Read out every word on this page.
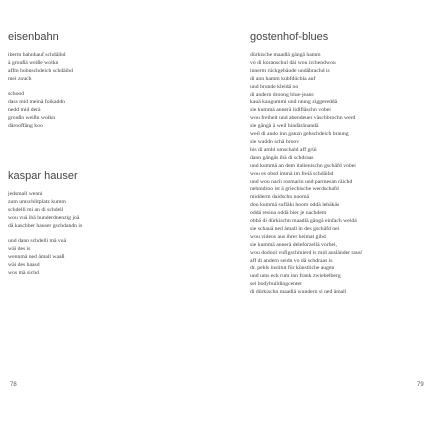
eisenbahn
iberm bahnhauf schdäihd
ä groußä weiße wolkn
affm bohnschdeich schdäihd
mei zouch
schood
dass mid meinä foikaddn
nedd mid derä
groußn weißn wolkn
därooffäng koo
kaspar hauser
jedsmall wenni
zum umschlitplatz kumm
schdelli mi an di schdell
wou vuä ibä hunderdnenzig joä
dä kaschber hauser gschdandn is
und dann schdelli mä vuä
wäi des is
wennmä ned ämall waaß
wäi des haasd
wos mä sichd
78
gostenhof-blues
dürkische maadlä gängä hamm
vo di koranschul däi wou irchendwou
innerm rückgebäude undäbrachd is
di ann hamm kubfdüchla auf
und brunde kleidä oo
di andern droong blue-jeans
kauä kaugummi und raung ziggereddä
sie kummä annerä lidlfläschn vobei
wou freiheit und abendeuer väschbrochn werd
sie gängä ä weil hindäränandä
weil di audo inn ganzn gehschdeich braung
sie waddn schä broov
bis di ambl umschald aff grüi
dann gängäs ibä di schdraas
und kummä an dem italienischn gschäfd vobei
wou es obsd immä im freiä schdäihd
und wou nach rosmarin und parmesan räichd
nehmdroo ist ä griechische werdschafd
midderm daidschn noomä
dou kummä sufläki hoom oddä lebäkäs
oddä resina oddä bier je nachdem
obbä di dürkischn maadlä gängä einfach weidä
sie schauä ned ämall in des gschäfd nei
wou videos aus ihrer heimat gibd
sie kummä annerä deleforzellä vorbei,
wou dodool vuflgschmierd is mid ausländer raus!
aff di andern seidn vo dä schdraas is
dr. pehls institut für künstliche augen
und ums eck rum inn frank zwiebelberg
sei bodybuildingcenter
di dürkischn maadlä wundern si ned ämall
79
